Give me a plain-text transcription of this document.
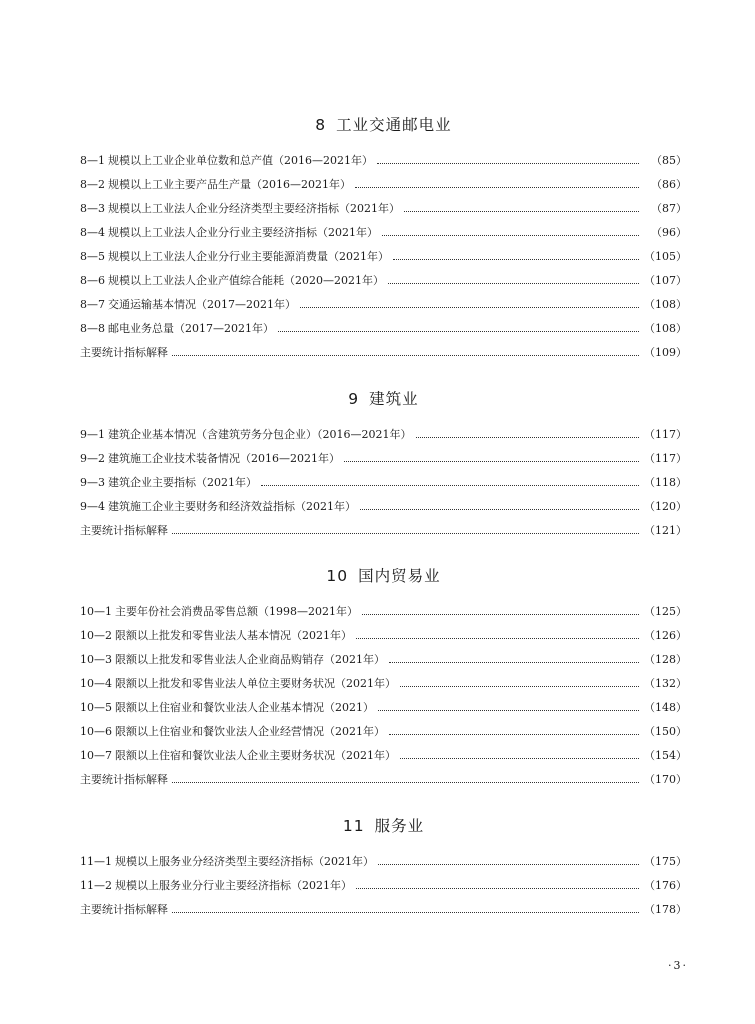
8 工业交通邮电业
8—1 规模以上工业企业单位数和总产值（2016—2021年）	（85）
8—2 规模以上工业主要产品生产量（2016—2021年）	（86）
8—3 规模以上工业法人企业分经济类型主要经济指标（2021年）	（87）
8—4 规模以上工业法人企业分行业主要经济指标（2021年）	（96）
8—5 规模以上工业法人企业分行业主要能源消费量（2021年）	（105）
8—6 规模以上工业法人企业产值综合能耗（2020—2021年）	（107）
8—7 交通运输基本情况（2017—2021年）	（108）
8—8 邮电业务总量（2017—2021年）	（108）
主要统计指标解释	（109）
9 建筑业
9—1 建筑企业基本情况（含建筑劳务分包企业）（2016—2021年）	（117）
9—2 建筑施工企业技术装备情况（2016—2021年）	（117）
9—3 建筑企业主要指标（2021年）	（118）
9—4 建筑施工企业主要财务和经济效益指标（2021年）	（120）
主要统计指标解释	（121）
10 国内贸易业
10—1 主要年份社会消费品零售总额（1998—2021年）	（125）
10—2 限额以上批发和零售业法人基本情况（2021年）	（126）
10—3 限额以上批发和零售业法人企业商品购销存（2021年）	（128）
10—4 限额以上批发和零售业法人单位主要财务状况（2021年）	（132）
10—5 限额以上住宿业和餐饮业法人企业基本情况（2021）	（148）
10—6 限额以上住宿业和餐饮业法人企业经营情况（2021年）	（150）
10—7 限额以上住宿和餐饮业法人企业主要财务状况（2021年）	（154）
主要统计指标解释	（170）
11 服务业
11—1 规模以上服务业分经济类型主要经济指标（2021年）	（175）
11—2 规模以上服务业分行业主要经济指标（2021年）	（176）
主要统计指标解释	（178）
·3·
